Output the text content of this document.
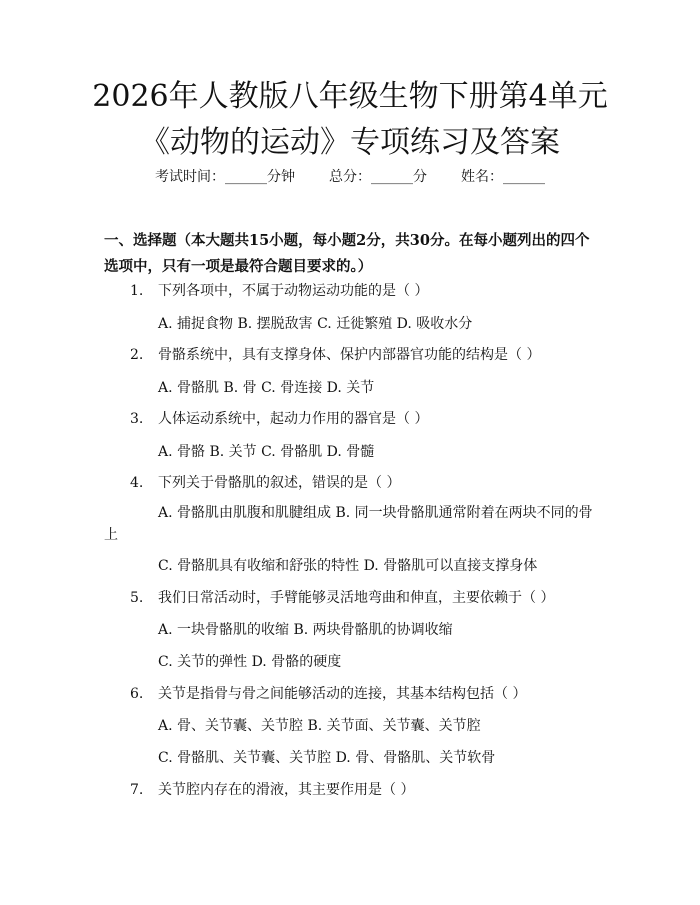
2026年人教版八年级生物下册第4单元《动物的运动》专项练习及答案
考试时间：______分钟 总分：______分 姓名：______
一、选择题（本大题共15小题，每小题2分，共30分。在每小题列出的四个选项中，只有一项是最符合题目要求的。）
1. 下列各项中，不属于动物运动功能的是（ ）
A. 捕捉食物 B. 摆脱敌害 C. 迁徙繁殖 D. 吸收水分
2. 骨骼系统中，具有支撑身体、保护内部器官功能的结构是（ ）
A. 骨骼肌 B. 骨 C. 骨连接 D. 关节
3. 人体运动系统中，起动力作用的器官是（ ）
A. 骨骼 B. 关节 C. 骨骼肌 D. 骨髓
4. 下列关于骨骼肌的叙述，错误的是（ ）
A. 骨骼肌由肌腹和肌腱组成 B. 同一块骨骼肌通常附着在两块不同的骨上
C. 骨骼肌具有收缩和舒张的特性 D. 骨骼肌可以直接支撑身体
5. 我们日常活动时，手臂能够灵活地弯曲和伸直，主要依赖于（ ）
A. 一块骨骼肌的收缩 B. 两块骨骼肌的协调收缩
C. 关节的弹性 D. 骨骼的硬度
6. 关节是指骨与骨之间能够活动的连接，其基本结构包括（ ）
A. 骨、关节囊、关节腔 B. 关节面、关节囊、关节腔
C. 骨骼肌、关节囊、关节腔 D. 骨、骨骼肌、关节软骨
7. 关节腔内存在的滑液，其主要作用是（ ）
